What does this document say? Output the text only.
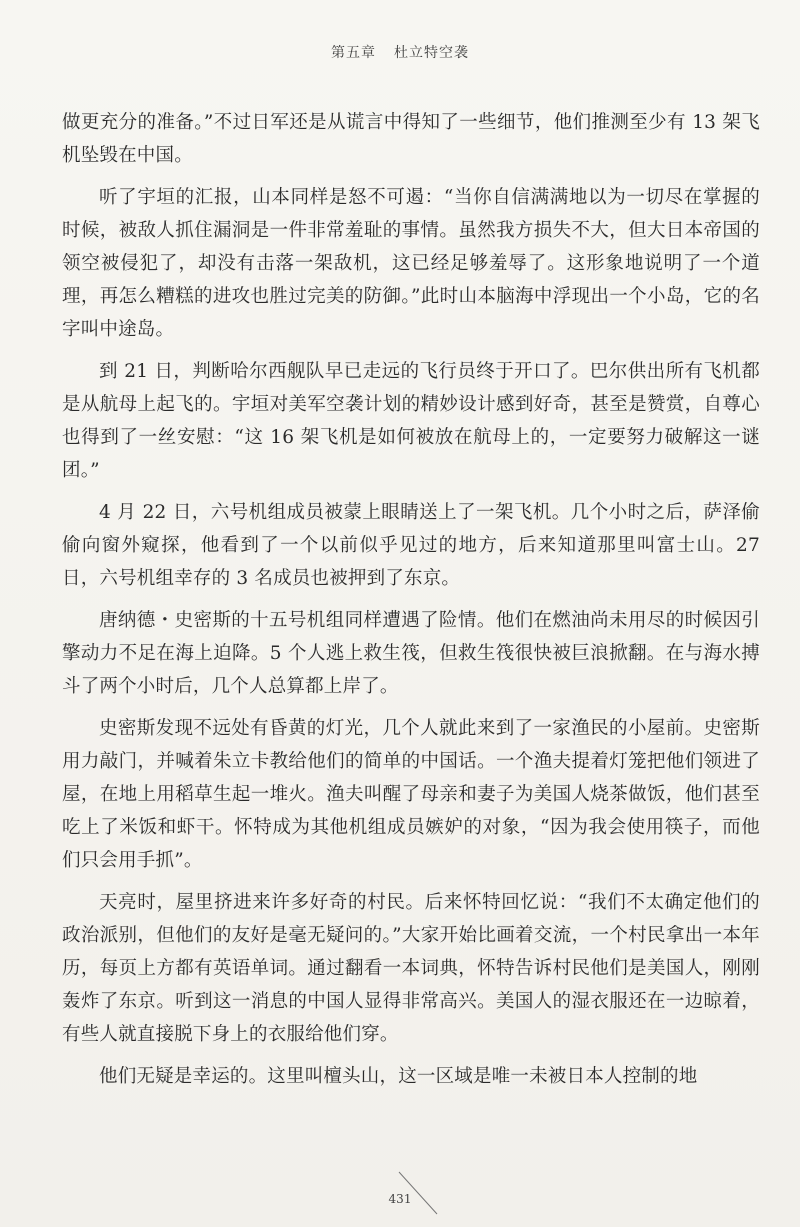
第五章 杜立特空袭

做更充分的准备。”不过日军还是从谎言中得知了一些细节，他们推测至少有 13 架飞机坠毁在中国。

听了宇垣的汇报，山本同样是怒不可遏：“当你自信满满地以为一切尽在掌握的时候，被敌人抓住漏洞是一件非常羞耻的事情。虽然我方损失不大，但大日本帝国的领空被侵犯了，却没有击落一架敌机，这已经足够羞辱了。这形象地说明了一个道理，再怎么糟糕的进攻也胜过完美的防御。”此时山本脑海中浮现出一个小岛，它的名字叫中途岛。

到 21 日，判断哈尔西舰队早已走远的飞行员终于开口了。巴尔供出所有飞机都是从航母上起飞的。宇垣对美军空袭计划的精妙设计感到好奇，甚至是赞赏，自尊心也得到了一丝安慰：“这 16 架飞机是如何被放在航母上的，一定要努力破解这一谜团。”

4 月 22 日，六号机组成员被蒙上眼睛送上了一架飞机。几个小时之后，萨泽偷偷向窗外窥探，他看到了一个以前似乎见过的地方，后来知道那里叫富士山。27 日，六号机组幸存的 3 名成员也被押到了东京。

唐纳德・史密斯的十五号机组同样遭遇了险情。他们在燃油尚未用尽的时候因引擎动力不足在海上迫降。5 个人逃上救生筏，但救生筏很快被巨浪掀翻。在与海水搏斗了两个小时后，几个人总算都上岸了。

史密斯发现不远处有昏黄的灯光，几个人就此来到了一家渔民的小屋前。史密斯用力敲门，并喊着朱立卡教给他们的简单的中国话。一个渔夫提着灯笼把他们领进了屋，在地上用稻草生起一堆火。渔夫叫醒了母亲和妻子为美国人烧茶做饭，他们甚至吃上了米饭和虾干。怀特成为其他机组成员嫉妒的对象，“因为我会使用筷子，而他们只会用手抓”。

天亮时，屋里挤进来许多好奇的村民。后来怀特回忆说：“我们不太确定他们的政治派别，但他们的友好是毫无疑问的。”大家开始比画着交流，一个村民拿出一本年历，每页上方都有英语单词。通过翻看一本词典，怀特告诉村民他们是美国人，刚刚轰炸了东京。听到这一消息的中国人显得非常高兴。美国人的湿衣服还在一边晾着，有些人就直接脱下身上的衣服给他们穿。

他们无疑是幸运的。这里叫檀头山，这一区域是唯一未被日本人控制的地

431
